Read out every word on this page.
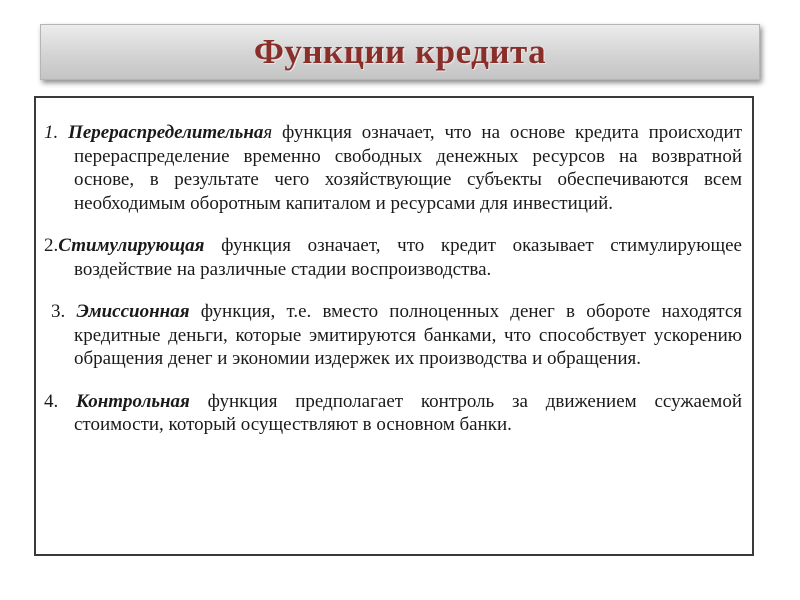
Функции кредита

1. Перераспределительная функция означает, что на основе кредита происходит перераспределение временно свободных денежных ресурсов на возвратной основе, в результате чего хозяйствующие субъекты обеспечиваются всем необходимым оборотным капиталом и ресурсами для инвестиций.

2.Стимулирующая функция означает, что кредит оказывает стимулирующее воздействие на различные стадии воспроизводства.

3. Эмиссионная функция, т.е. вместо полноценных денег в обороте находятся кредитные деньги, которые эмитируются банками, что способствует ускорению обращения денег и экономии издержек их производства и обращения.

4. Контрольная функция предполагает контроль за движением ссужаемой стоимости, который осуществляют в основном банки.
